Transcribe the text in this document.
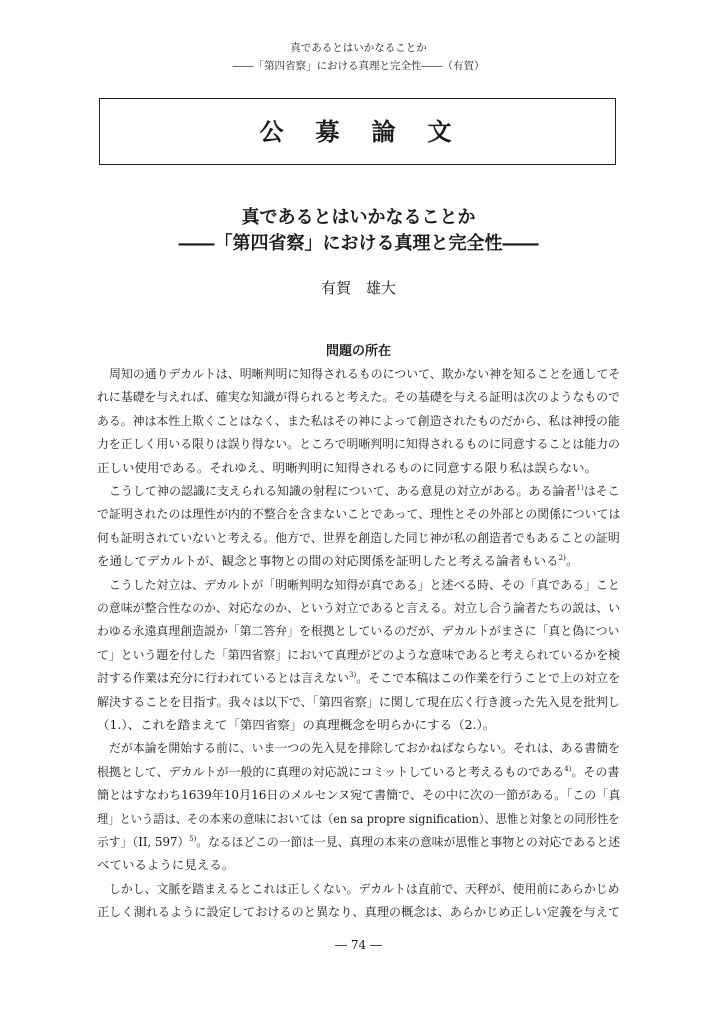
真であるとはいかなることか
――「第四省察」における真理と完全性――（有賀）
公　募　論　文
真であるとはいかなることか
――「第四省察」における真理と完全性――
有賀　雄大
問題の所在
周知の通りデカルトは、明晰判明に知得されるものについて、欺かない神を知ることを通してそ
れに基礎を与えれば、確実な知識が得られると考えた。その基礎を与える証明は次のようなもので
ある。神は本性上欺くことはなく、また私はその神によって創造されたものだから、私は神授の能
力を正しく用いる限りは誤り得ない。ところで明晰判明に知得されるものに同意することは能力の
正しい使用である。それゆえ、明晰判明に知得されるものに同意する限り私は誤らない。
こうして神の認識に支えられる知識の射程について、ある意見の対立がある。ある論者$^{1)}$はそこ
で証明されたのは理性が内的不整合を含まないことであって、理性とその外部との関係については
何も証明されていないと考える。他方で、世界を創造した同じ神が私の創造者でもあることの証明
を通してデカルトが、観念と事物との間の対応関係を証明したと考える論者もいる$^{2)}$。
こうした対立は、デカルトが「明晰判明な知得が真である」と述べる時、その「真である」こと
の意味が整合性なのか、対応なのか、という対立であると言える。対立し合う論者たちの説は、い
わゆる永遠真理創造説か「第二答弁」を根拠としているのだが、デカルトがまさに「真と偽につい
て」という題を付した「第四省察」において真理がどのような意味であると考えられているかを検
討する作業は充分に行われているとは言えない$^{3)}$。そこで本稿はこの作業を行うことで上の対立を
解決することを目指す。我々は以下で、「第四省察」に関して現在広く行き渡った先入見を批判し
（1.）、これを踏まえて「第四省察」の真理概念を明らかにする（2.）。
だが本論を開始する前に、いま一つの先入見を排除しておかねばならない。それは、ある書簡を
根拠として、デカルトが一般的に真理の対応説にコミットしていると考えるものである$^{4)}$。その書
簡とはすなわち1639年10月16日のメルセンヌ宛て書簡で、その中に次の一節がある。「この「真
理」という語は、その本来の意味においては（en sa propre signification）、思惟と対象との同形性を
示す」（II, 597）$^{5)}$。なるほどこの一節は一見、真理の本来の意味が思惟と事物との対応であると述
べているように見える。
しかし、文脈を踏まえるとこれは正しくない。デカルトは直前で、天秤が、使用前にあらかじめ
正しく測れるように設定しておけるのと異なり、真理の概念は、あらかじめ正しい定義を与えて
― 74 ―
